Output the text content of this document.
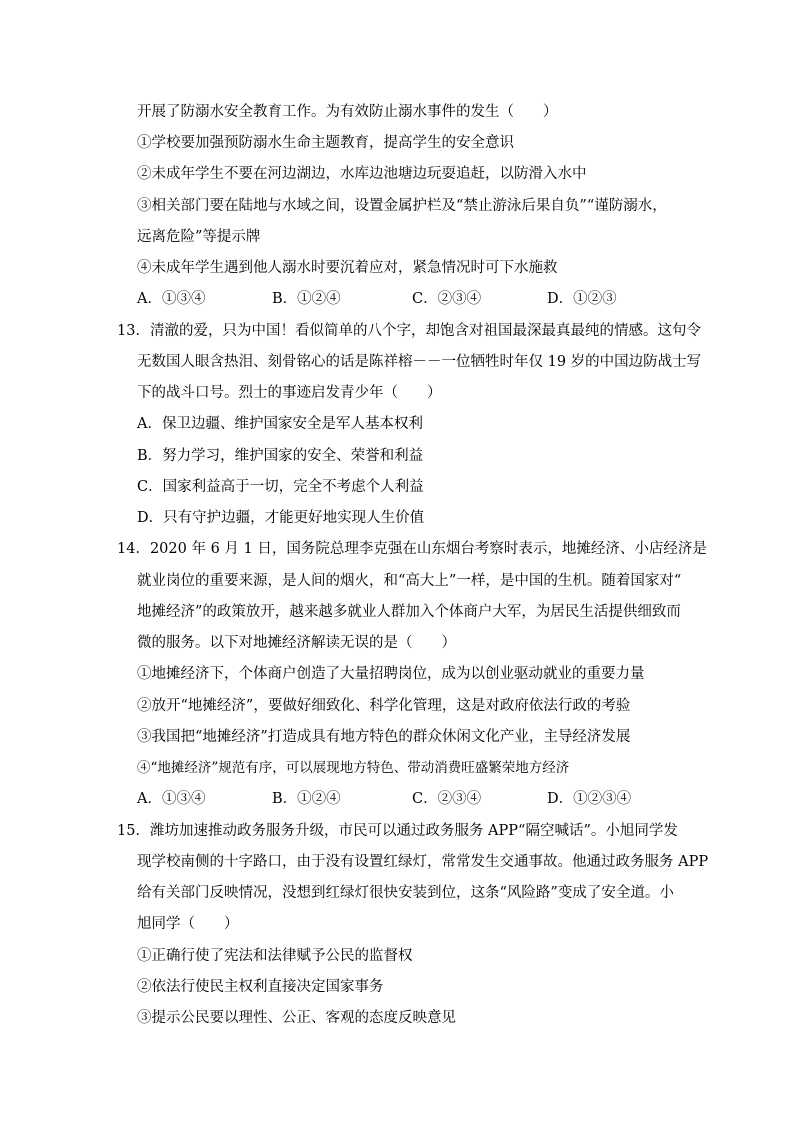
开展了防溺水安全教育工作。为有效防止溺水事件的发生（　　）
①学校要加强预防溺水生命主题教育，提高学生的安全意识
②未成年学生不要在河边湖边，水库边池塘边玩耍追赶，以防滑入水中
③相关部门要在陆地与水域之间，设置金属护栏及“禁止游泳后果自负”“谨防溺水，
远离危险”等提示牌
④未成年学生遇到他人溺水时要沉着应对，紧急情况时可下水施救
A．①③④	B．①②④	C．②③④	D．①②③
13．清澈的爱，只为中国！看似简单的八个字，却饱含对祖国最深最真最纯的情感。这句令
无数国人眼含热泪、刻骨铭心的话是陈祥榕－－一位牺牲时年仅 19 岁的中国边防战士写
下的战斗口号。烈士的事迹启发青少年（　　）
A．保卫边疆、维护国家安全是军人基本权利
B．努力学习，维护国家的安全、荣誉和利益
C．国家利益高于一切，完全不考虑个人利益
D．只有守护边疆，才能更好地实现人生价值
14．2020 年 6 月 1 日，国务院总理李克强在山东烟台考察时表示，地摊经济、小店经济是
就业岗位的重要来源，是人间的烟火，和“高大上”一样，是中国的生机。随着国家对“
地摊经济”的政策放开，越来越多就业人群加入个体商户大军，为居民生活提供细致而
微的服务。以下对地摊经济解读无误的是（　　）
①地摊经济下，个体商户创造了大量招聘岗位，成为以创业驱动就业的重要力量
②放开“地摊经济”，要做好细致化、科学化管理，这是对政府依法行政的考验
③我国把“地摊经济”打造成具有地方特色的群众休闲文化产业，主导经济发展
④“地摊经济”规范有序，可以展现地方特色、带动消费旺盛繁荣地方经济
A．①③④	B．①②④	C．②③④	D．①②③④
15．潍坊加速推动政务服务升级，市民可以通过政务服务 APP“隔空喊话”。小旭同学发
现学校南侧的十字路口，由于没有设置红绿灯，常常发生交通事故。他通过政务服务 APP
给有关部门反映情况，没想到红绿灯很快安装到位，这条“风险路”变成了安全道。小
旭同学（　　）
①正确行使了宪法和法律赋予公民的监督权
②依法行使民主权利直接决定国家事务
③提示公民要以理性、公正、客观的态度反映意见
